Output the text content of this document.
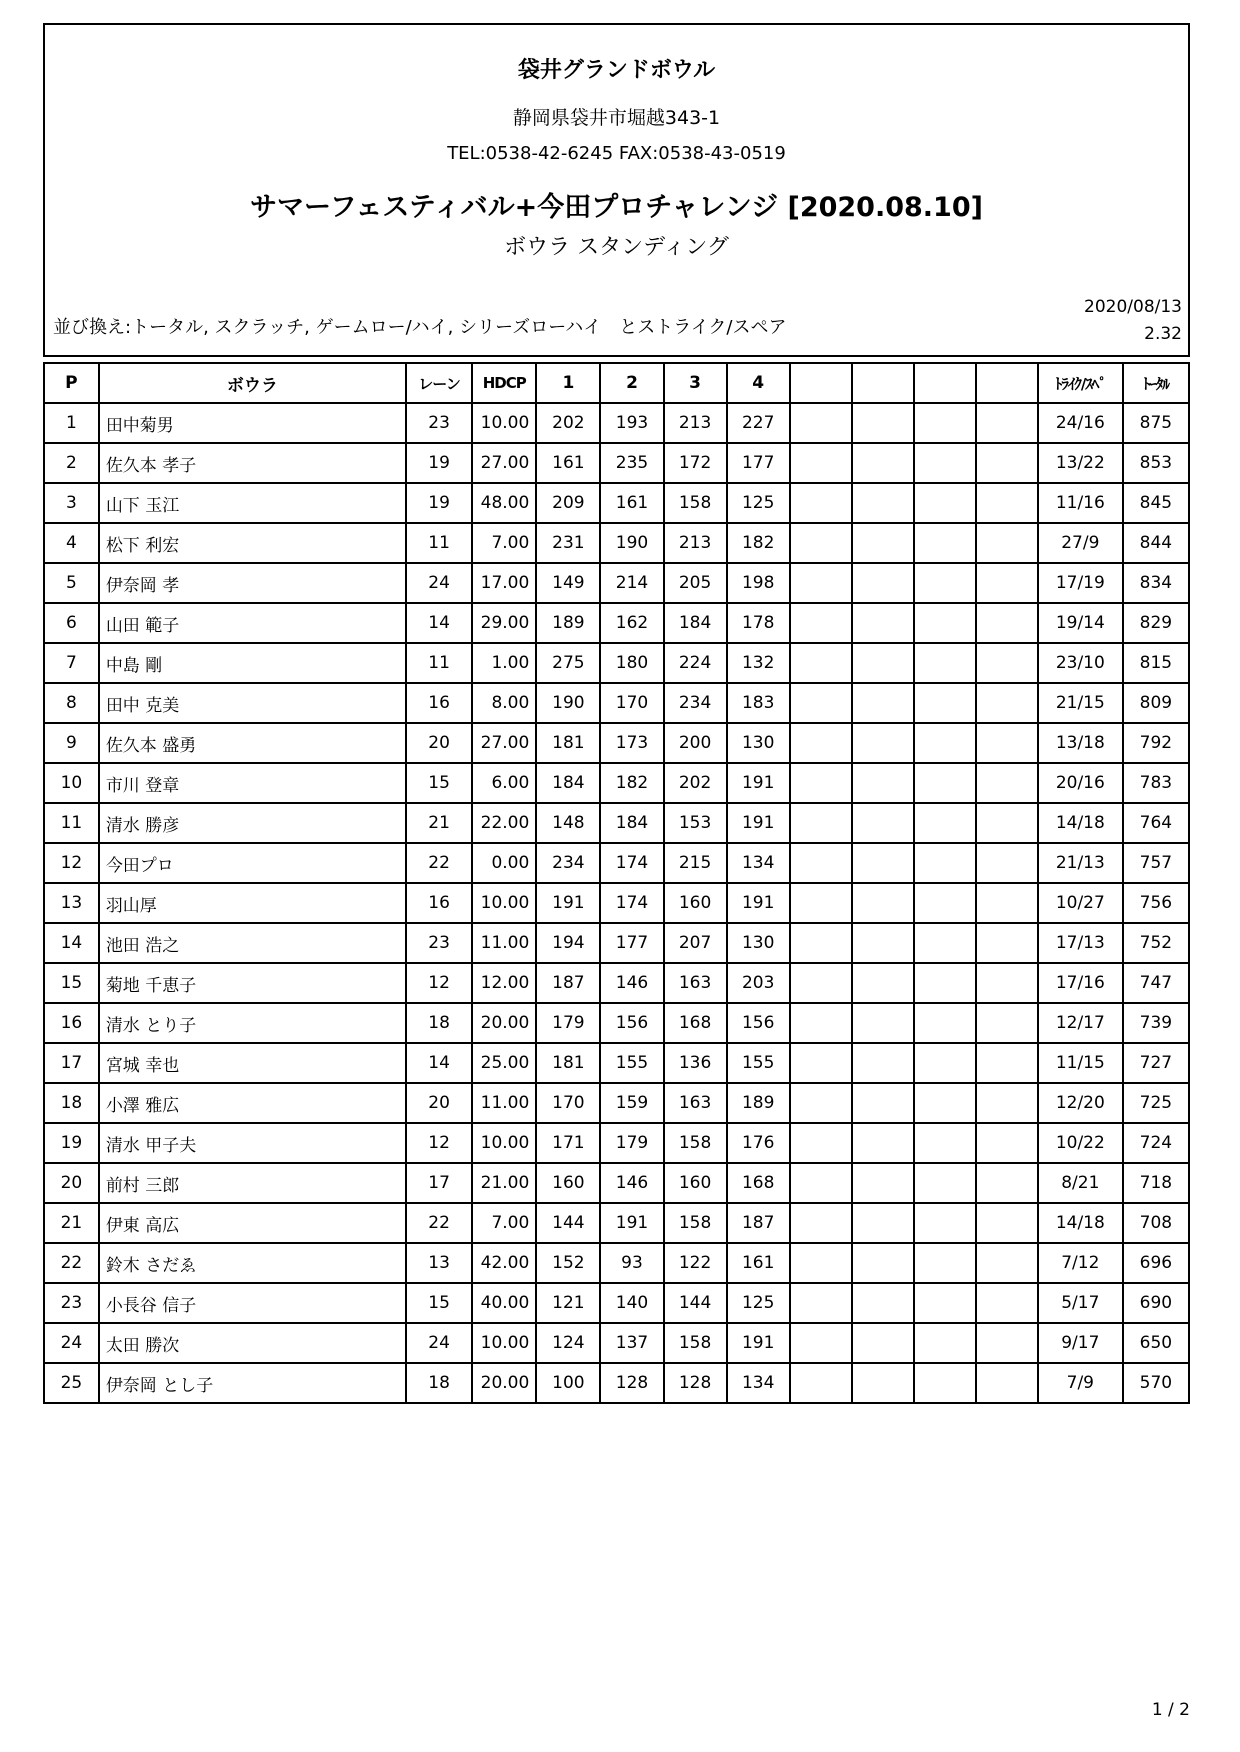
袋井グランドボウル
静岡県袋井市堀越343-1
TEL:0538-42-6245 FAX:0538-43-0519
サマーフェスティバル+今田プロチャレンジ [2020.08.10]
ボウラ スタンディング
並び換え:トータル, スクラッチ, ゲームロー/ハイ, シリーズローハイ　とストライク/スペア
2020/08/13
2.32
P	ボウラ	レーン	HDCP	1	2	3	4					ﾄﾗｲｸ/ｽﾍﾟ	ﾄｰﾀﾙ
1	田中菊男	23	10.00	202	193	213	227					24/16	875
2	佐久本 孝子	19	27.00	161	235	172	177					13/22	853
3	山下 玉江	19	48.00	209	161	158	125					11/16	845
4	松下 利宏	11	7.00	231	190	213	182					27/9	844
5	伊奈岡 孝	24	17.00	149	214	205	198					17/19	834
6	山田 範子	14	29.00	189	162	184	178					19/14	829
7	中島 剛	11	1.00	275	180	224	132					23/10	815
8	田中 克美	16	8.00	190	170	234	183					21/15	809
9	佐久本 盛勇	20	27.00	181	173	200	130					13/18	792
10	市川 登章	15	6.00	184	182	202	191					20/16	783
11	清水 勝彦	21	22.00	148	184	153	191					14/18	764
12	今田プロ	22	0.00	234	174	215	134					21/13	757
13	羽山厚	16	10.00	191	174	160	191					10/27	756
14	池田 浩之	23	11.00	194	177	207	130					17/13	752
15	菊地 千恵子	12	12.00	187	146	163	203					17/16	747
16	清水 とり子	18	20.00	179	156	168	156					12/17	739
17	宮城 幸也	14	25.00	181	155	136	155					11/15	727
18	小澤 雅広	20	11.00	170	159	163	189					12/20	725
19	清水 甲子夫	12	10.00	171	179	158	176					10/22	724
20	前村 三郎	17	21.00	160	146	160	168					8/21	718
21	伊東 高広	22	7.00	144	191	158	187					14/18	708
22	鈴木 さだゑ	13	42.00	152	93	122	161					7/12	696
23	小長谷 信子	15	40.00	121	140	144	125					5/17	690
24	太田 勝次	24	10.00	124	137	158	191					9/17	650
25	伊奈岡 とし子	18	20.00	100	128	128	134					7/9	570
1 / 2
